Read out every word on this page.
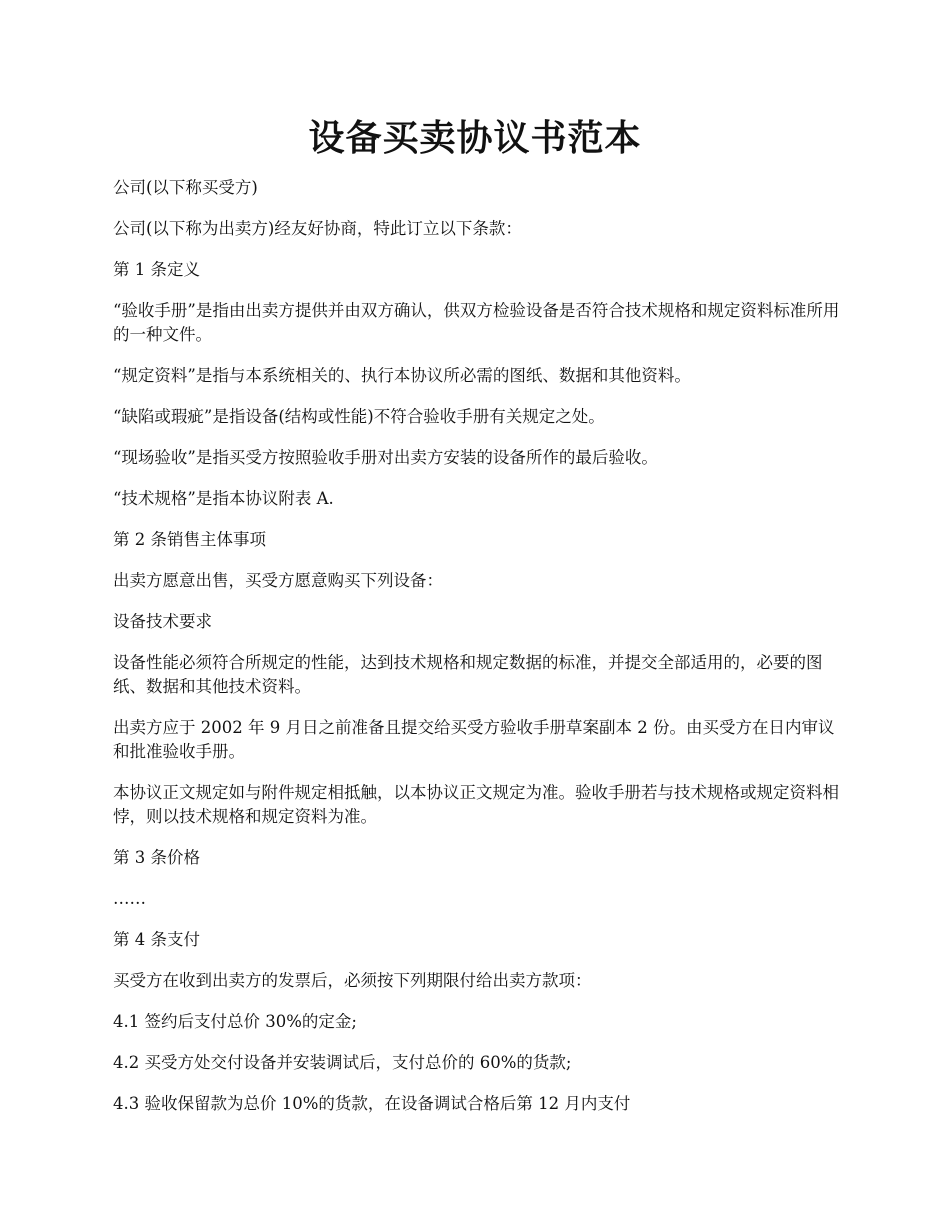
设备买卖协议书范本

公司(以下称买受方)

公司(以下称为出卖方)经友好协商，特此订立以下条款：

第 1 条定义

“验收手册”是指由出卖方提供并由双方确认，供双方检验设备是否符合技术规格和规定资料标准所用的一种文件。

“规定资料”是指与本系统相关的、执行本协议所必需的图纸、数据和其他资料。

“缺陷或瑕疵”是指设备(结构或性能)不符合验收手册有关规定之处。

“现场验收”是指买受方按照验收手册对出卖方安装的设备所作的最后验收。

“技术规格”是指本协议附表 A.

第 2 条销售主体事项

出卖方愿意出售，买受方愿意购买下列设备：

设备技术要求

设备性能必须符合所规定的性能，达到技术规格和规定数据的标准，并提交全部适用的，必要的图纸、数据和其他技术资料。

出卖方应于 2002 年 9 月日之前准备且提交给买受方验收手册草案副本 2 份。由买受方在日内审议和批准验收手册。

本协议正文规定如与附件规定相抵触，以本协议正文规定为准。验收手册若与技术规格或规定资料相悖，则以技术规格和规定资料为准。

第 3 条价格

……

第 4 条支付

买受方在收到出卖方的发票后，必须按下列期限付给出卖方款项：

4.1 签约后支付总价 30%的定金;

4.2 买受方处交付设备并安装调试后，支付总价的 60%的货款;

4.3 验收保留款为总价 10%的货款，在设备调试合格后第 12 月内支付
